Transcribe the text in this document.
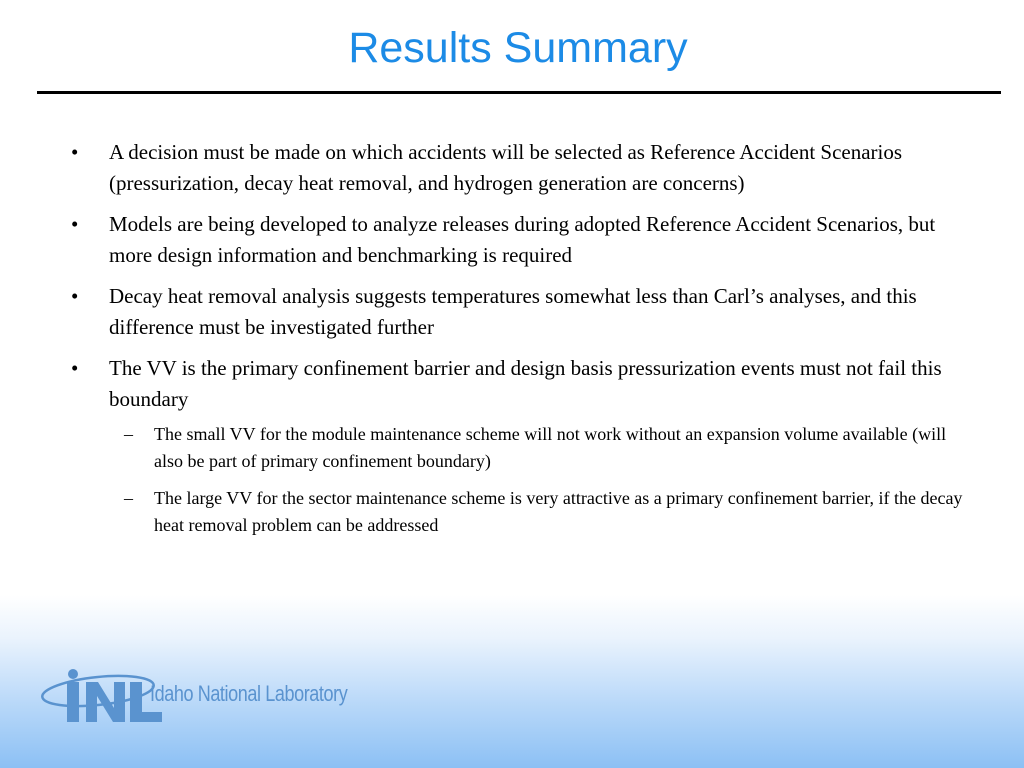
Results Summary
• A decision must be made on which accidents will be selected as Reference Accident Scenarios (pressurization, decay heat removal, and hydrogen generation are concerns)
• Models are being developed to analyze releases during adopted Reference Accident Scenarios, but more design information and benchmarking is required
• Decay heat removal analysis suggests temperatures somewhat less than Carl’s analyses, and this difference must be investigated further
• The VV is the primary confinement barrier and design basis pressurization events must not fail this boundary
– The small VV for the module maintenance scheme will not work without an expansion volume available (will also be part of primary confinement boundary)
– The large VV for the sector maintenance scheme is very attractive as a primary confinement barrier, if the decay heat removal problem can be addressed
Idaho National Laboratory
